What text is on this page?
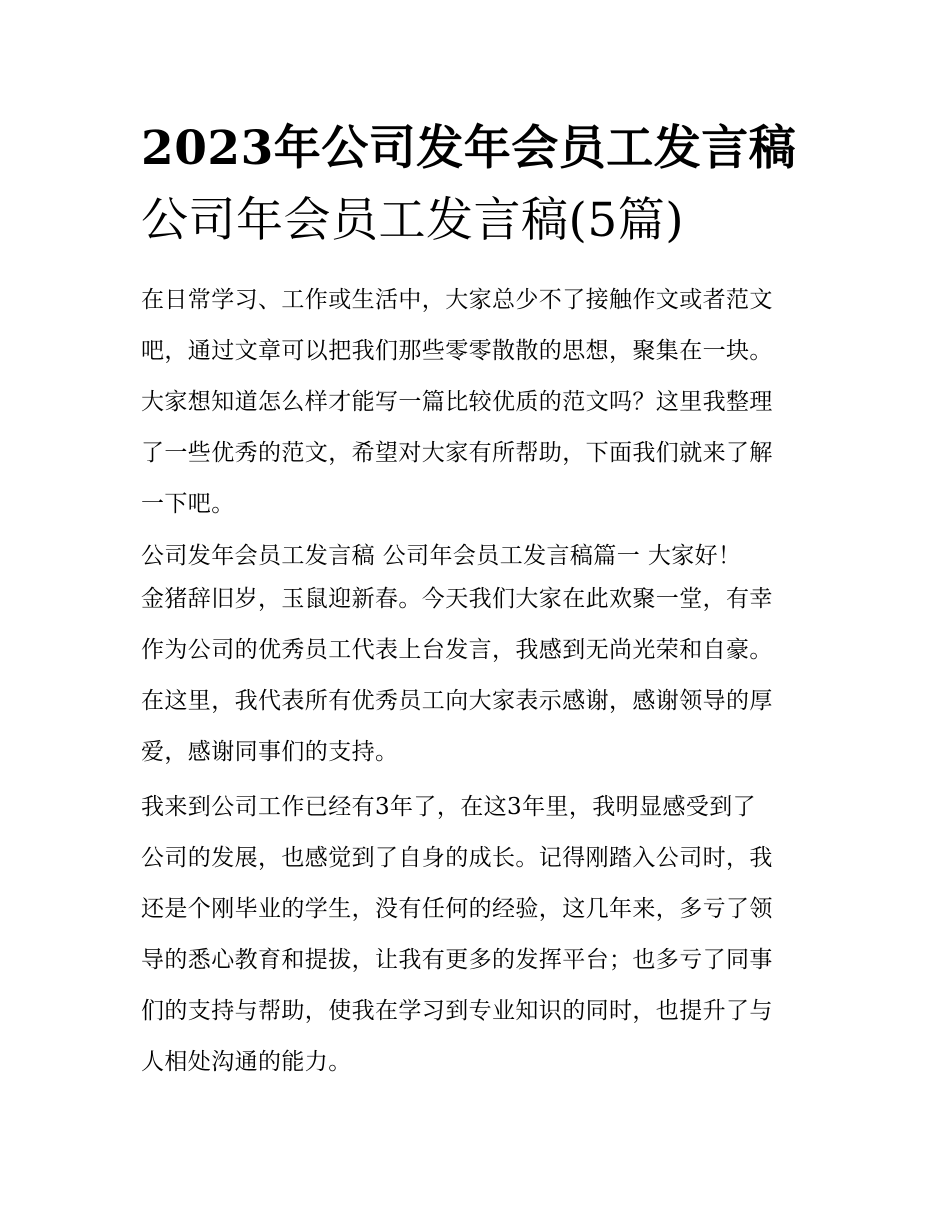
2023年公司发年会员工发言稿
公司年会员工发言稿(5篇)

在日常学习、工作或生活中，大家总少不了接触作文或者范文
吧，通过文章可以把我们那些零零散散的思想，聚集在一块。
大家想知道怎么样才能写一篇比较优质的范文吗？这里我整理
了一些优秀的范文，希望对大家有所帮助，下面我们就来了解
一下吧。

公司发年会员工发言稿 公司年会员工发言稿篇一 大家好！

金猪辞旧岁，玉鼠迎新春。今天我们大家在此欢聚一堂，有幸
作为公司的优秀员工代表上台发言，我感到无尚光荣和自豪。
在这里，我代表所有优秀员工向大家表示感谢，感谢领导的厚
爱，感谢同事们的支持。

我来到公司工作已经有3年了，在这3年里，我明显感受到了
公司的发展，也感觉到了自身的成长。记得刚踏入公司时，我
还是个刚毕业的学生，没有任何的经验，这几年来，多亏了领
导的悉心教育和提拔，让我有更多的发挥平台；也多亏了同事
们的支持与帮助，使我在学习到专业知识的同时，也提升了与
人相处沟通的能力。
